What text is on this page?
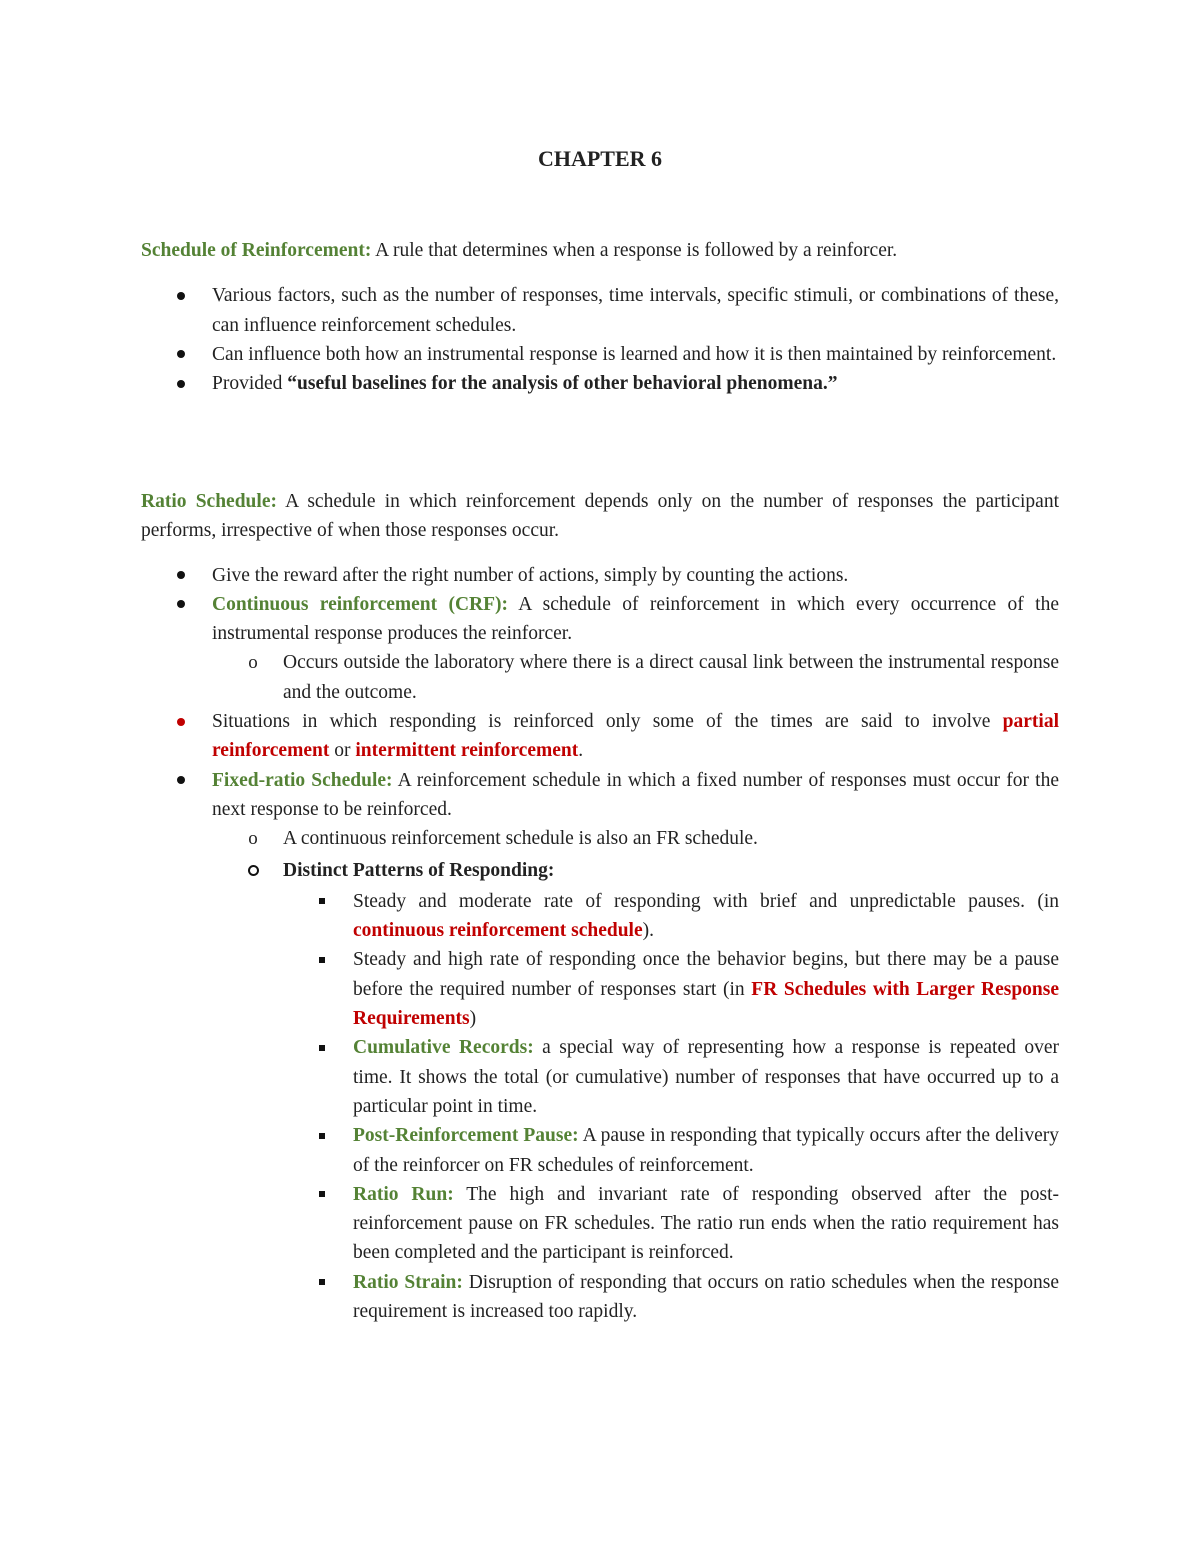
CHAPTER 6

Schedule of Reinforcement: A rule that determines when a response is followed by a reinforcer.

Various factors, such as the number of responses, time intervals, specific stimuli, or combinations of these, can influence reinforcement schedules.
Can influence both how an instrumental response is learned and how it is then maintained by reinforcement.
Provided “useful baselines for the analysis of other behavioral phenomena.”

Ratio Schedule: A schedule in which reinforcement depends only on the number of responses the participant performs, irrespective of when those responses occur.

Give the reward after the right number of actions, simply by counting the actions.
Continuous reinforcement (CRF): A schedule of reinforcement in which every occurrence of the instrumental response produces the reinforcer.
o Occurs outside the laboratory where there is a direct causal link between the instrumental response and the outcome.
Situations in which responding is reinforced only some of the times are said to involve partial reinforcement or intermittent reinforcement.
Fixed-ratio Schedule: A reinforcement schedule in which a fixed number of responses must occur for the next response to be reinforced.
o A continuous reinforcement schedule is also an FR schedule.
Distinct Patterns of Responding:
Steady and moderate rate of responding with brief and unpredictable pauses. (in continuous reinforcement schedule).
Steady and high rate of responding once the behavior begins, but there may be a pause before the required number of responses start (in FR Schedules with Larger Response Requirements)
Cumulative Records: a special way of representing how a response is repeated over time. It shows the total (or cumulative) number of responses that have occurred up to a particular point in time.
Post-Reinforcement Pause: A pause in responding that typically occurs after the delivery of the reinforcer on FR schedules of reinforcement.
Ratio Run: The high and invariant rate of responding observed after the post-reinforcement pause on FR schedules. The ratio run ends when the ratio requirement has been completed and the participant is reinforced.
Ratio Strain: Disruption of responding that occurs on ratio schedules when the response requirement is increased too rapidly.
